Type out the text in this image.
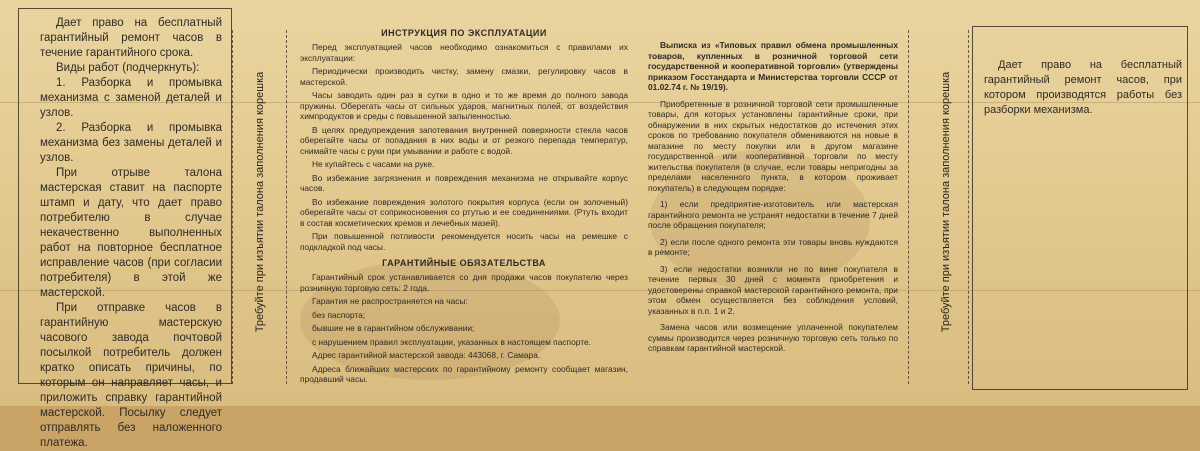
Дает право на бесплатный гарантийный ремонт часов в течение гарантийного срока.

Виды работ (подчеркнуть):

1. Разборка и промывка механизма с заменой деталей и узлов.

2. Разборка и промывка механизма без замены деталей и узлов.

При отрыве талона мастерская ставит на паспорте штамп и дату, что дает право потребителю в случае некачественно выполненных работ на повторное бесплатное исправление часов (при согласии потребителя) в этой же мастерской.

При отправке часов в гарантийную мастерскую часового завода почтовой посылкой потребитель должен кратко описать причины, по которым он направляет часы, и приложить справку гарантийной мастерской. Посылку следует отправлять без наложенного платежа.

Требуйте при изъятии талона заполнения корешка
ИНСТРУКЦИЯ ПО ЭКСПЛУАТАЦИИ

Перед эксплуатацией часов необходимо ознакомиться с правилами их эксплуатации:

Периодически производить чистку, замену смазки, регулировку часов в мастерской.

Часы заводить один раз в сутки в одно и то же время до полного завода пружины. Оберегать часы от сильных ударов, магнитных полей, от воздействия химпродуктов и среды с повышенной запыленностью.

В целях предупреждения запотевания внутренней поверхности стекла часов оберегайте часы от попадания в них воды и от резкого перепада температур, снимайте часы с руки при умывании и работе с водой.

Не купайтесь с часами на руке.

Во избежание загрязнения и повреждения механизма не открывайте корпус часов.

Во избежание повреждения золотого покрытия корпуса (если он золоченый) оберегайте часы от соприкосновения со ртутью и ее соединениями. (Ртуть входит в состав косметических кремов и лечебных мазей).

При повышенной потливости рекомендуется носить часы на ремешке с подкладкой под часы.

ГАРАНТИЙНЫЕ ОБЯЗАТЕЛЬСТВА

Гарантийный срок устанавливается со дня продажи часов покупателю через розничную торговую сеть: 2 года.

Гарантия не распространяется на часы:

без паспорта;

бывшие не в гарантийном обслуживании;

с нарушением правил эксплуатации, указанных в настоящем паспорте.

Адрес гарантийной мастерской завода: 443068, г. Самара.

Адреса ближайших мастерских по гарантийному ремонту сообщает магазин, продавший часы.

Выписка из «Типовых правил обмена промышленных товаров, купленных в розничной торговой сети государственной и кооперативной торговли» (утверждены приказом Госстандарта и Министерства торговли СССР от 01.02.74 г. № 19/19).

Приобретенные в розничной торговой сети промышленные товары, для которых установлены гарантийные сроки, при обнаружении в них скрытых недостатков до истечения этих сроков по требованию покупателя обмениваются на новые в магазине по месту покупки или в другом магазине государственной или кооперативной торговли по месту жительства покупателя (в случае, если товары непригодны за пределами населенного пункта, в котором проживает покупатель) в следующем порядке:

1) если предприятие-изготовитель или мастерская гарантийного ремонта не устранят недостатки в течение 7 дней после обращения покупателя;

2) если после одного ремонта эти товары вновь нуждаются в ремонте;

3) если недостатки возникли не по вине покупателя в течение первых 30 дней с момента приобретения и удостоверены справкой мастерской гарантийного ремонта, при этом обмен осуществляется без соблюдения условий, указанных в п.п. 1 и 2.

Замена часов или возмещение уплаченной покупателем суммы производится через розничную торговую сеть только по справкам гарантийной мастерской.

Требуйте при изъятии талона заполнения корешка

Дает право на бесплатный гарантийный ремонт часов, при котором производятся работы без разборки механизма.
